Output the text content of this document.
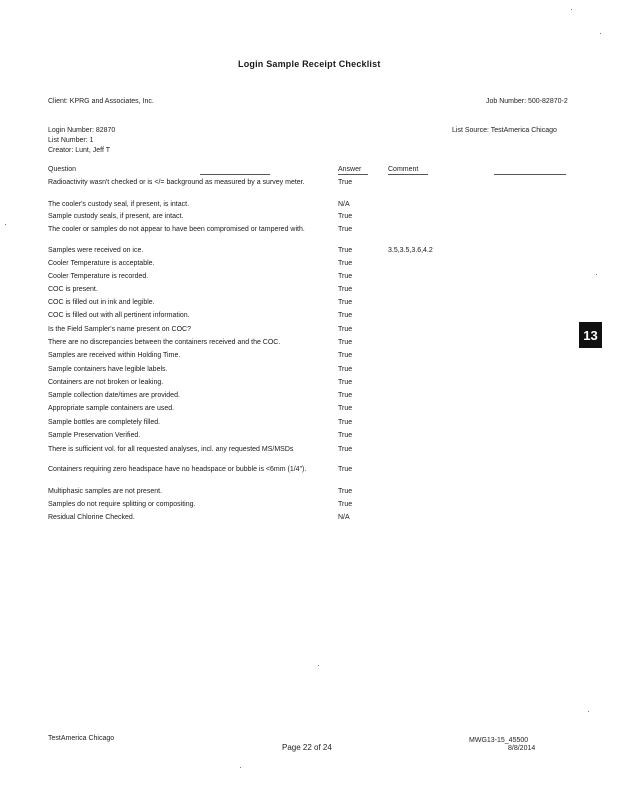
Login Sample Receipt Checklist
Client: KPRG and Associates, Inc.	Job Number: 500-82870-2
Login Number: 82870	List Source: TestAmerica Chicago
List Number: 1
Creator: Lunt, Jeff T
Question	Answer	Comment
Radioactivity wasn't checked or is </= background as measured by a survey meter.	True
The cooler's custody seal, if present, is intact.	N/A
Sample custody seals, if present, are intact.	True
The cooler or samples do not appear to have been compromised or tampered with.	True
Samples were received on ice.	True	3.5,3.5,3.6,4.2
Cooler Temperature is acceptable.	True
Cooler Temperature is recorded.	True
COC is present.	True
COC is filled out in ink and legible.	True
COC is filled out with all pertinent information.	True
Is the Field Sampler's name present on COC?	True
There are no discrepancies between the containers received and the COC.	True
Samples are received within Holding Time.	True
Sample containers have legible labels.	True
Containers are not broken or leaking.	True
Sample collection date/times are provided.	True
Appropriate sample containers are used.	True
Sample bottles are completely filled.	True
Sample Preservation Verified.	True
There is sufficient vol. for all requested analyses, incl. any requested MS/MSDs	True
Containers requiring zero headspace have no headspace or bubble is <6mm (1/4").	True
Multiphasic samples are not present.	True
Samples do not require splitting or compositing.	True
Residual Chlorine Checked.	N/A
13
TestAmerica Chicago
Page 22 of 24
MWG13-15_45500
8/8/2014
